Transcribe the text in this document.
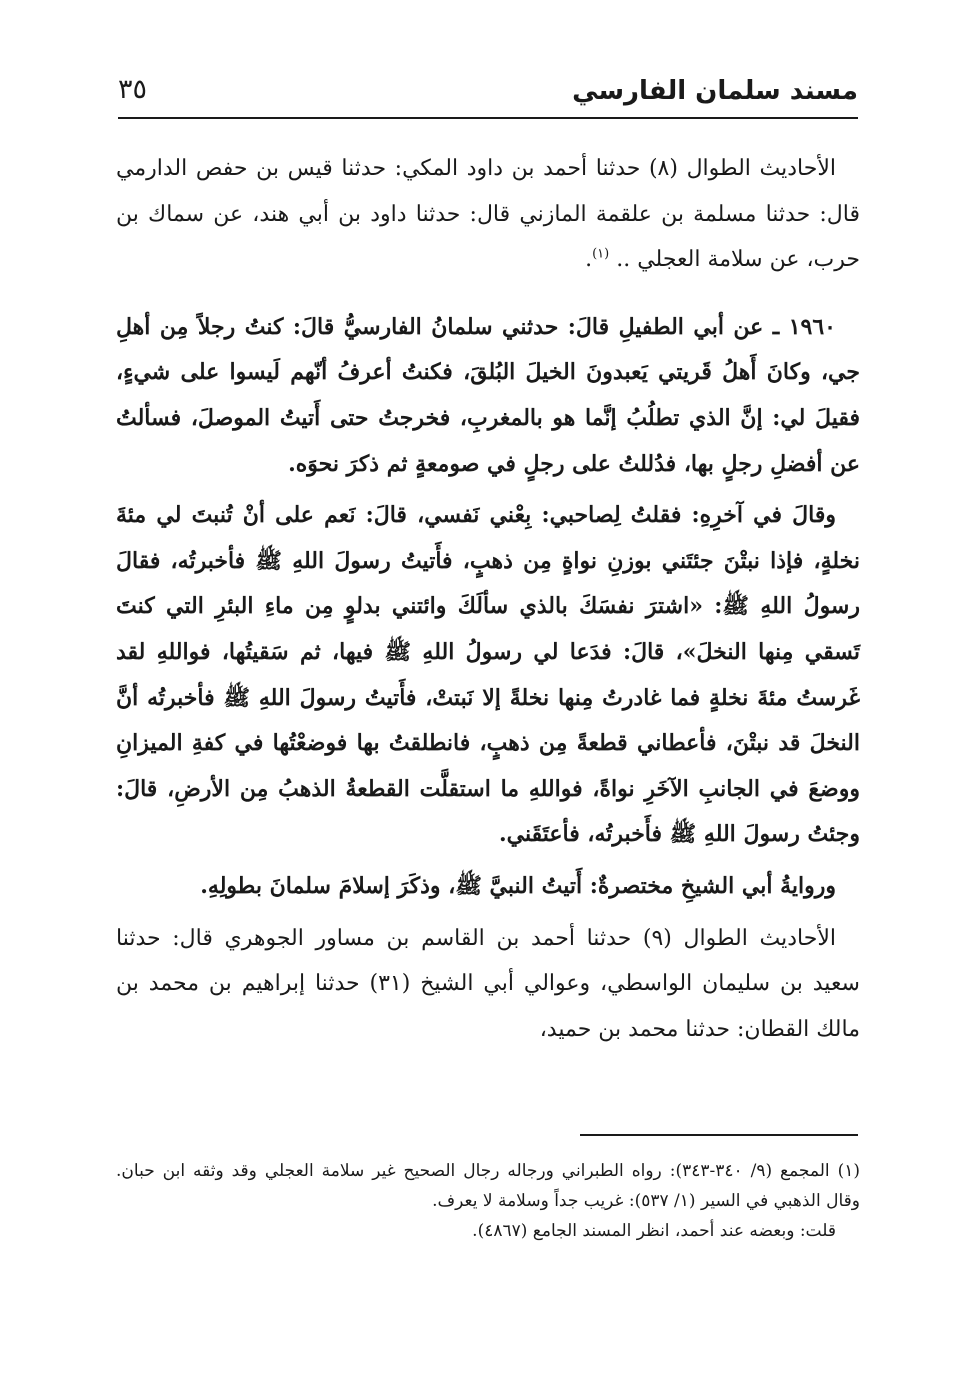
مسند سلمان الفارسي
٣٥

الأحاديث الطوال (٨) حدثنا أحمد بن داود المكي: حدثنا قيس بن حفص الدارمي قال: حدثنا مسلمة بن علقمة المازني قال: حدثنا داود بن أبي هند، عن سماك بن حرب، عن سلامة العجلي .. $^{(١)}$.

١٩٦٠ ـ عن أبي الطفيلِ قالَ: حدثني سلمانُ الفارسيُّ قالَ: كنتُ رجلاً مِن أهلِ جي، وكانَ أَهلُ قَريتي يَعبدونَ الخيلَ البُلقَ، فكنتُ أعرفُ أنّهم لَيسوا على شيءٍ، فقيلَ لي: إنَّ الذي تطلُبُ إنَّما هو بالمغربِ، فخرجتُ حتى أَتيتُ الموصلَ، فسألتُ عن أفضلِ رجلٍ بها، فدُللتُ على رجلٍ في صومعةٍ ثم ذكرَ نحوَه.

وقالَ في آخرِهِ: فقلتُ لِصاحبي: بِعْني نَفسي، قالَ: نَعم على أنْ تُنبتَ لي مئةَ نخلةٍ، فإذا نبتْنَ جئتَني بوزنِ نواةٍ مِن ذهبٍ، فأَتيتُ رسولَ اللهِ ﷺ فأخبرتُه، فقالَ رسولُ اللهِ ﷺ: «اشترَ نفسَكَ بالذي سألَكَ وائتني بدلوٍ مِن ماءِ البئرِ التي كنتَ تَسقي مِنها النخلَ»، قالَ: فدَعا لي رسولُ اللهِ ﷺ فيها، ثم سَقيتُها، فواللهِ لقد غَرستُ مئةَ نخلةٍ فما غادرتُ مِنها نخلةً إلا نَبتتْ، فأَتيتُ رسولَ اللهِ ﷺ فأخبرتُه أنَّ النخلَ قد نبتْنَ، فأعطاني قطعةً مِن ذهبٍ، فانطلقتُ بها فوضعْتُها في كفةِ الميزانِ ووضعَ في الجانبِ الآخَرِ نواةً، فواللهِ ما استقلَّت القطعةُ الذهبُ مِن الأرضِ، قالَ: وجئتُ رسولَ اللهِ ﷺ فأَخبرتُه، فأعتَقَني.

وروايةُ أبي الشيخِ مختصرةٌ: أَتيتُ النبيَّ ﷺ، وذكَرَ إسلامَ سلمانَ بطولِهِ.

الأحاديث الطوال (٩) حدثنا أحمد بن القاسم بن مساور الجوهري قال: حدثنا سعيد بن سليمان الواسطي، وعوالي أبي الشيخ (٣١) حدثنا إبراهيم بن محمد بن مالك القطان: حدثنا محمد بن حميد،

(١) المجمع (٩/ ٣٤٠-٣٤٣): رواه الطبراني ورجاله رجال الصحيح غير سلامة العجلي وقد وثقه ابن حبان. وقال الذهبي في السير (١/ ٥٣٧): غريب جداً وسلامة لا يعرف.

قلت: وبعضه عند أحمد، انظر المسند الجامع (٤٨٦٧).
